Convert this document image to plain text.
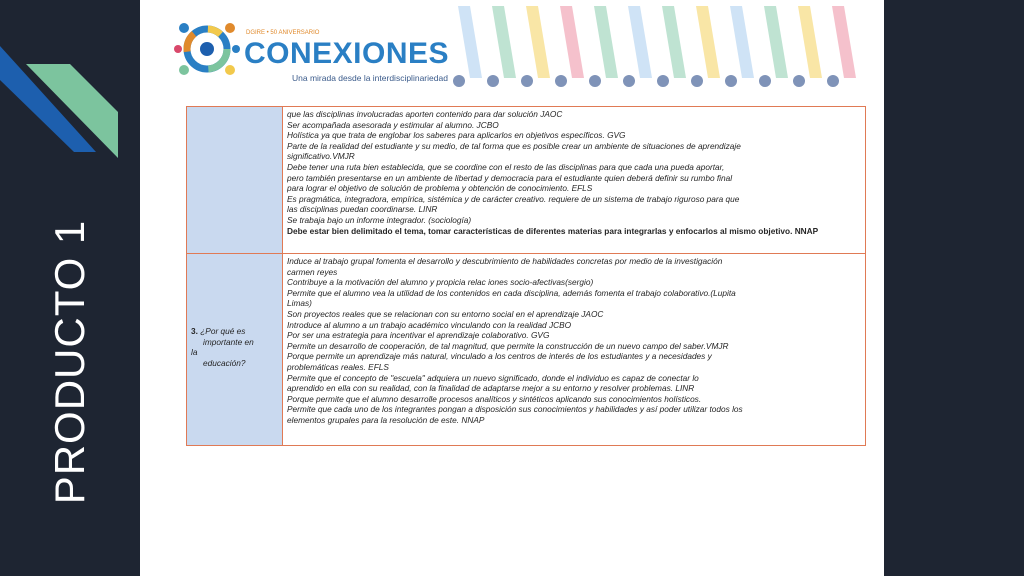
PRODUCTO 1
DGIRE • 50 ANIVERSARIO
CONEXIONES
Una mirada desde la interdisciplinariedad
que las disciplinas involucradas aporten contenido para dar solución JAOC
Ser acompañada asesorada y estimular al alumno. JCBO
Holística ya que trata de englobar los saberes para aplicarlos en objetivos específicos. GVG
Parte de la realidad del estudiante y su medio, de tal forma que es posible crear un ambiente de situaciones de aprendizaje
significativo.VMJR
Debe tener una ruta bien establecida, que se coordine con el resto de las disciplinas para que cada una pueda aportar,
pero también presentarse en un ambiente de libertad y democracia para el estudiante quien deberá definir su rumbo final
para lograr el objetivo de solución de problema y obtención de conocimiento. EFLS
Es pragmática, integradora, empírica, sistémica y de carácter creativo. requiere de un sistema de trabajo riguroso para que
las disciplinas puedan coordinarse. LINR
Se trabaja bajo un informe integrador. (sociología)
Debe estar bien delimitado el tema, tomar características de diferentes materias para integrarlas y enfocarlos al mismo objetivo. NNAP
3. ¿Por qué es
importante en
la
educación?
Induce al trabajo grupal fomenta el desarrollo y descubrimiento de habilidades concretas por medio de la investigación
carmen reyes
Contribuye a la motivación del alumno y propicia relac iones socio-afectivas(sergio)
Permite que el alumno vea la utilidad de los contenidos en cada disciplina, además fomenta el trabajo colaborativo.(Lupita
Limas)
Son proyectos reales que se relacionan con su entorno social en el aprendizaje JAOC
Introduce al alumno a un trabajo académico vinculando con la realidad JCBO
Por ser una estrategia para incentivar el aprendizaje colaborativo. GVG
Permite un desarrollo de cooperación, de tal magnitud, que permite la construcción de un nuevo campo del saber.VMJR
Porque permite un aprendizaje más natural, vinculado a los centros de interés de los estudiantes y a necesidades y
problemáticas reales. EFLS
Permite que el concepto de "escuela" adquiera un nuevo significado, donde el individuo es capaz de conectar lo
aprendido en ella con su realidad, con la finalidad de adaptarse mejor a su entorno y resolver problemas. LINR
Porque permite que el alumno desarrolle procesos analíticos y sintéticos aplicando sus conocimientos holísticos.
Permite que cada uno de los integrantes pongan a disposición sus conocimientos y habilidades y así poder utilizar todos los
elementos grupales para la resolución de este. NNAP
